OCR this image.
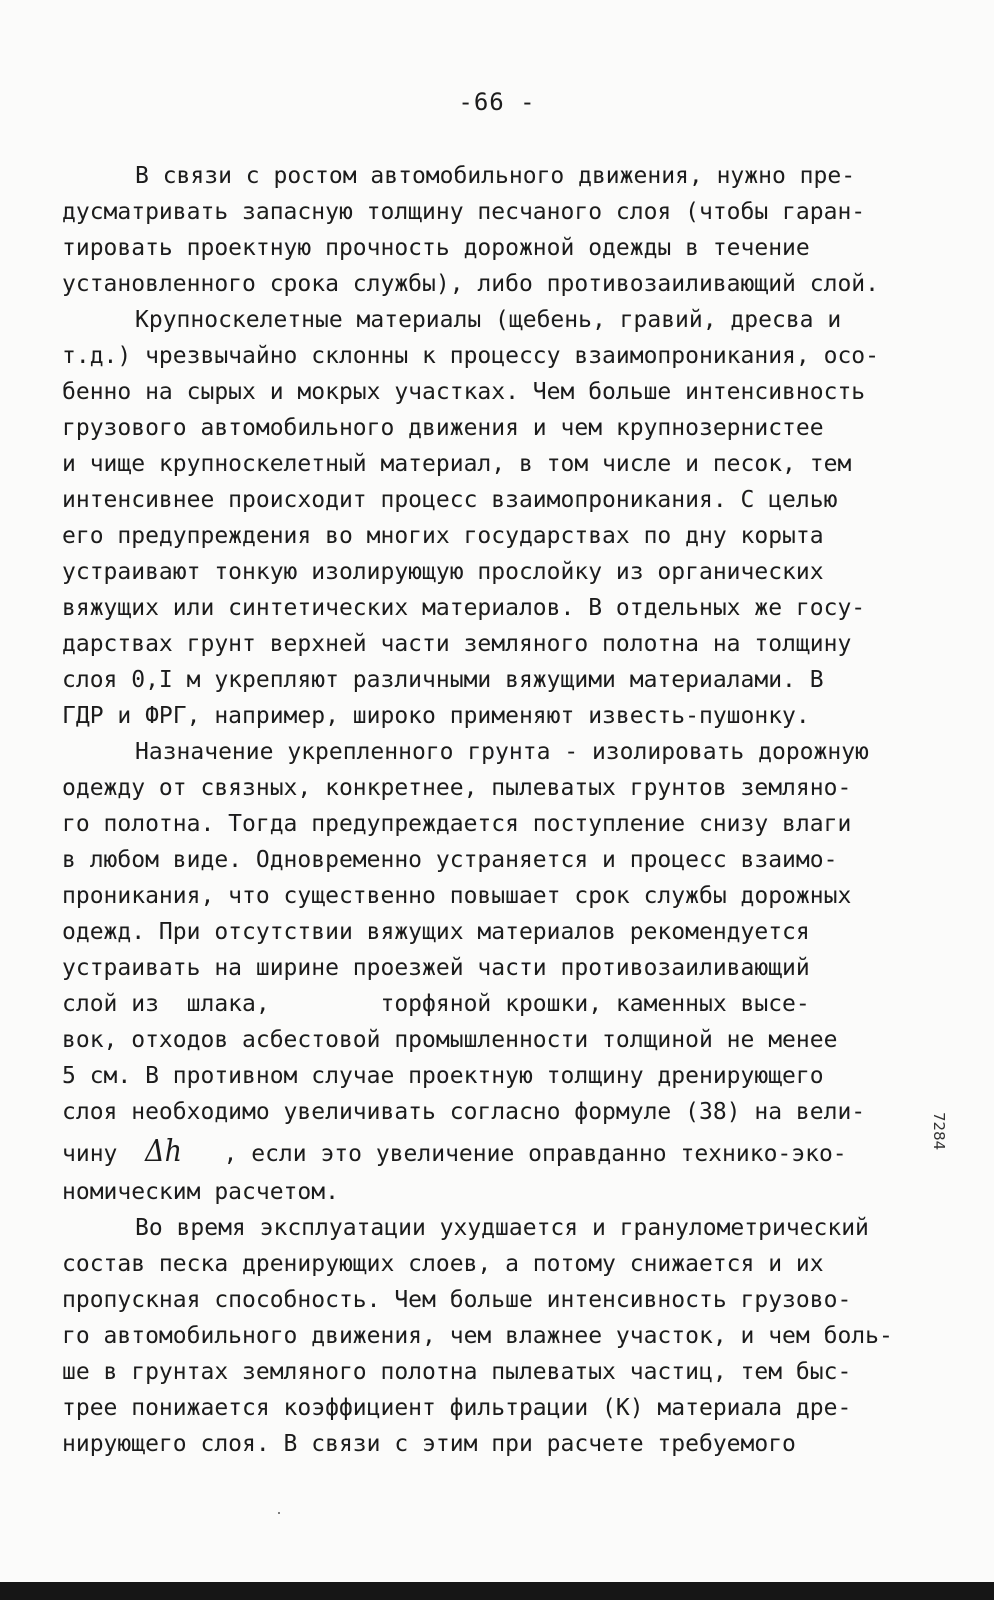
-66 -
В связи с ростом автомобильного движения, нужно пре-
дусматривать запасную толщину песчаного слоя (чтобы гаран-
тировать проектную прочность дорожной одежды в течение
установленного срока службы), либо противозаиливающий слой.
Крупноскелетные материалы (щебень, гравий, дресва и
т.д.) чрезвычайно склонны к процессу взаимопроникания, осо-
бенно на сырых и мокрых участках. Чем больше интенсивность
грузового автомобильного движения и чем крупнозернистее
и чище крупноскелетный материал, в том числе и песок, тем
интенсивнее происходит процесс взаимопроникания. С целью
его предупреждения во многих государствах по дну корыта
устраивают тонкую изолирующую прослойку из органических
вяжущих или синтетических материалов. В отдельных же госу-
дарствах грунт верхней части земляного полотна на толщину
слоя 0,I м укрепляют различными вяжущими материалами. В
ГДР и ФРГ, например, широко применяют известь-пушонку.
Назначение укрепленного грунта - изолировать дорожную
одежду от связных, конкретнее, пылеватых грунтов земляно-
го полотна. Тогда предупреждается поступление снизу влаги
в любом виде. Одновременно устраняется и процесс взаимо-
проникания, что существенно повышает срок службы дорожных
одежд. При отсутствии вяжущих материалов рекомендуется
устраивать на ширине проезжей части противозаиливающий
слой из  шлака,        торфяной крошки, каменных высе-
вок, отходов асбестовой промышленности толщиной не менее
5 см. В противном случае проектную толщину дренирующего
слоя необходимо увеличивать согласно формуле (38) на вели-
чину  Δh   , если это увеличение оправданно технико-эко-
номическим расчетом.
Во время эксплуатации ухудшается и гранулометрический
состав песка дренирующих слоев, а потому снижается и их
пропускная способность. Чем больше интенсивность грузово-
го автомобильного движения, чем влажнее участок, и чем боль-
ше в грунтах земляного полотна пылеватых частиц, тем быс-
трее понижается коэффициент фильтрации (К) материала дре-
нирующего слоя. В связи с этим при расчете требуемого
7284
